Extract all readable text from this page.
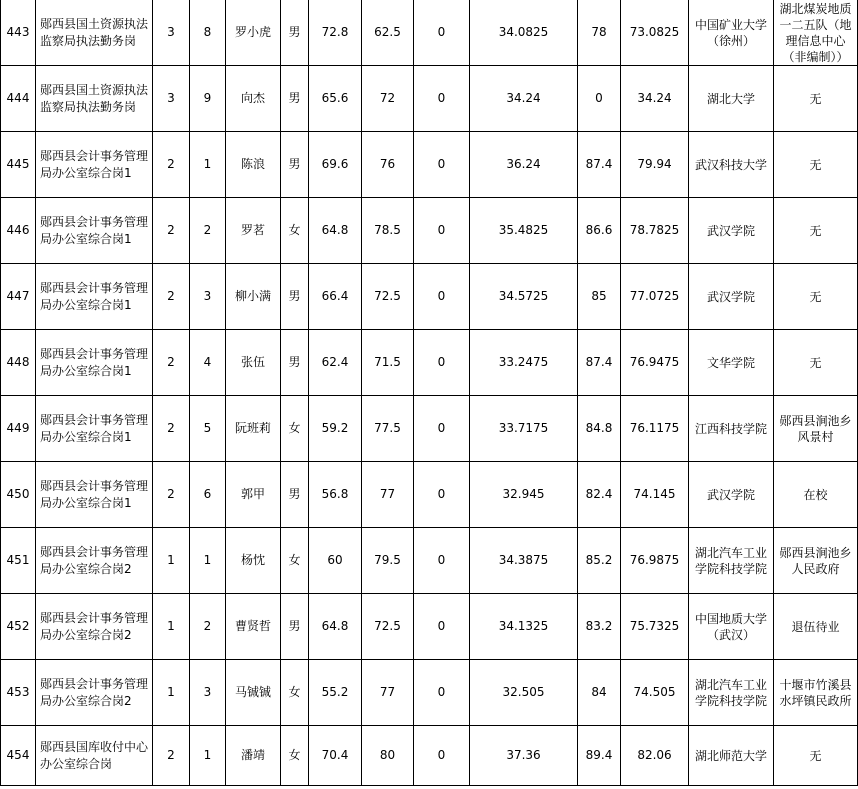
443	郧西县国土资源执法监察局执法勤务岗	3	8	罗小虎	男	72.8	62.5	0	34.0825	78	73.0825	中国矿业大学（徐州）	湖北煤炭地质一二五队（地理信息中心（非编制））
444	郧西县国土资源执法监察局执法勤务岗	3	9	向杰	男	65.6	72	0	34.24	0	34.24	湖北大学	无
445	郧西县会计事务管理局办公室综合岗1	2	1	陈浪	男	69.6	76	0	36.24	87.4	79.94	武汉科技大学	无
446	郧西县会计事务管理局办公室综合岗1	2	2	罗茗	女	64.8	78.5	0	35.4825	86.6	78.7825	武汉学院	无
447	郧西县会计事务管理局办公室综合岗1	2	3	柳小满	男	66.4	72.5	0	34.5725	85	77.0725	武汉学院	无
448	郧西县会计事务管理局办公室综合岗1	2	4	张伍	男	62.4	71.5	0	33.2475	87.4	76.9475	文华学院	无
449	郧西县会计事务管理局办公室综合岗1	2	5	阮班莉	女	59.2	77.5	0	33.7175	84.8	76.1175	江西科技学院	郧西县涧池乡风景村
450	郧西县会计事务管理局办公室综合岗1	2	6	郭甲	男	56.8	77	0	32.945	82.4	74.145	武汉学院	在校
451	郧西县会计事务管理局办公室综合岗2	1	1	杨忱	女	60	79.5	0	34.3875	85.2	76.9875	湖北汽车工业学院科技学院	郧西县涧池乡人民政府
452	郧西县会计事务管理局办公室综合岗2	1	2	曹贤哲	男	64.8	72.5	0	34.1325	83.2	75.7325	中国地质大学（武汉）	退伍待业
453	郧西县会计事务管理局办公室综合岗2	1	3	马铖铖	女	55.2	77	0	32.505	84	74.505	湖北汽车工业学院科技学院	十堰市竹溪县水坪镇民政所
454	郧西县国库收付中心办公室综合岗	2	1	潘靖	女	70.4	80	0	37.36	89.4	82.06	湖北师范大学	无
